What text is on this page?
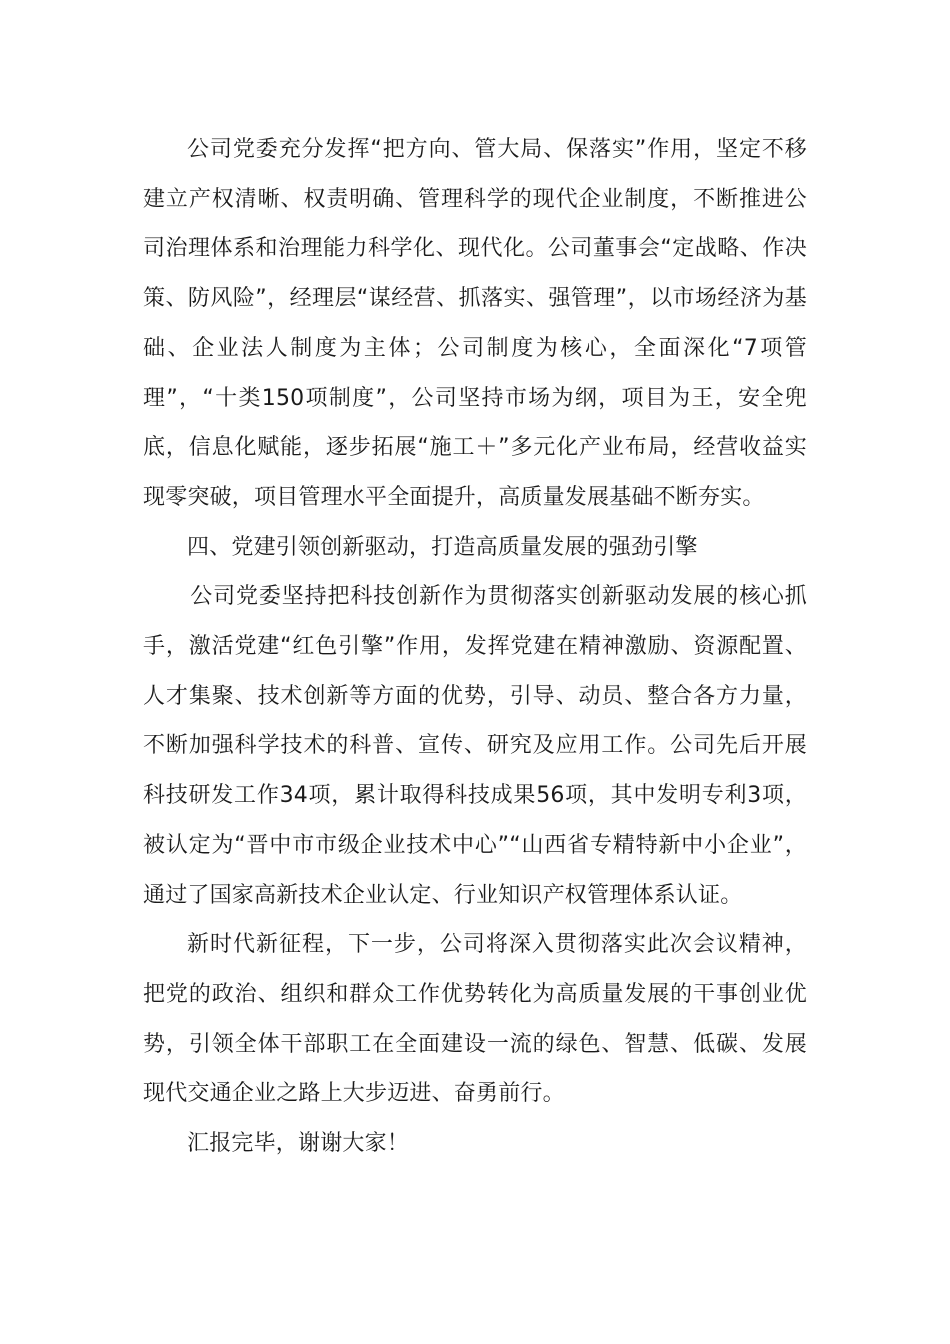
公司党委充分发挥“把方向、管大局、保落实”作用，坚定不移建立产权清晰、权责明确、管理科学的现代企业制度，不断推进公司治理体系和治理能力科学化、现代化。公司董事会“定战略、作决策、防风险”，经理层“谋经营、抓落实、强管理”，以市场经济为基础、企业法人制度为主体；公司制度为核心，全面深化“7项管理”，“十类150项制度”，公司坚持市场为纲，项目为王，安全兜底，信息化赋能，逐步拓展“施工＋”多元化产业布局，经营收益实现零突破，项目管理水平全面提升，高质量发展基础不断夯实。

四、党建引领创新驱动，打造高质量发展的强劲引擎

公司党委坚持把科技创新作为贯彻落实创新驱动发展的核心抓手，激活党建“红色引擎”作用，发挥党建在精神激励、资源配置、人才集聚、技术创新等方面的优势，引导、动员、整合各方力量，不断加强科学技术的科普、宣传、研究及应用工作。公司先后开展科技研发工作34项，累计取得科技成果56项，其中发明专利3项，被认定为“晋中市市级企业技术中心”“山西省专精特新中小企业”，通过了国家高新技术企业认定、行业知识产权管理体系认证。

新时代新征程，下一步，公司将深入贯彻落实此次会议精神，把党的政治、组织和群众工作优势转化为高质量发展的干事创业优势，引领全体干部职工在全面建设一流的绿色、智慧、低碳、发展现代交通企业之路上大步迈进、奋勇前行。

汇报完毕，谢谢大家！
